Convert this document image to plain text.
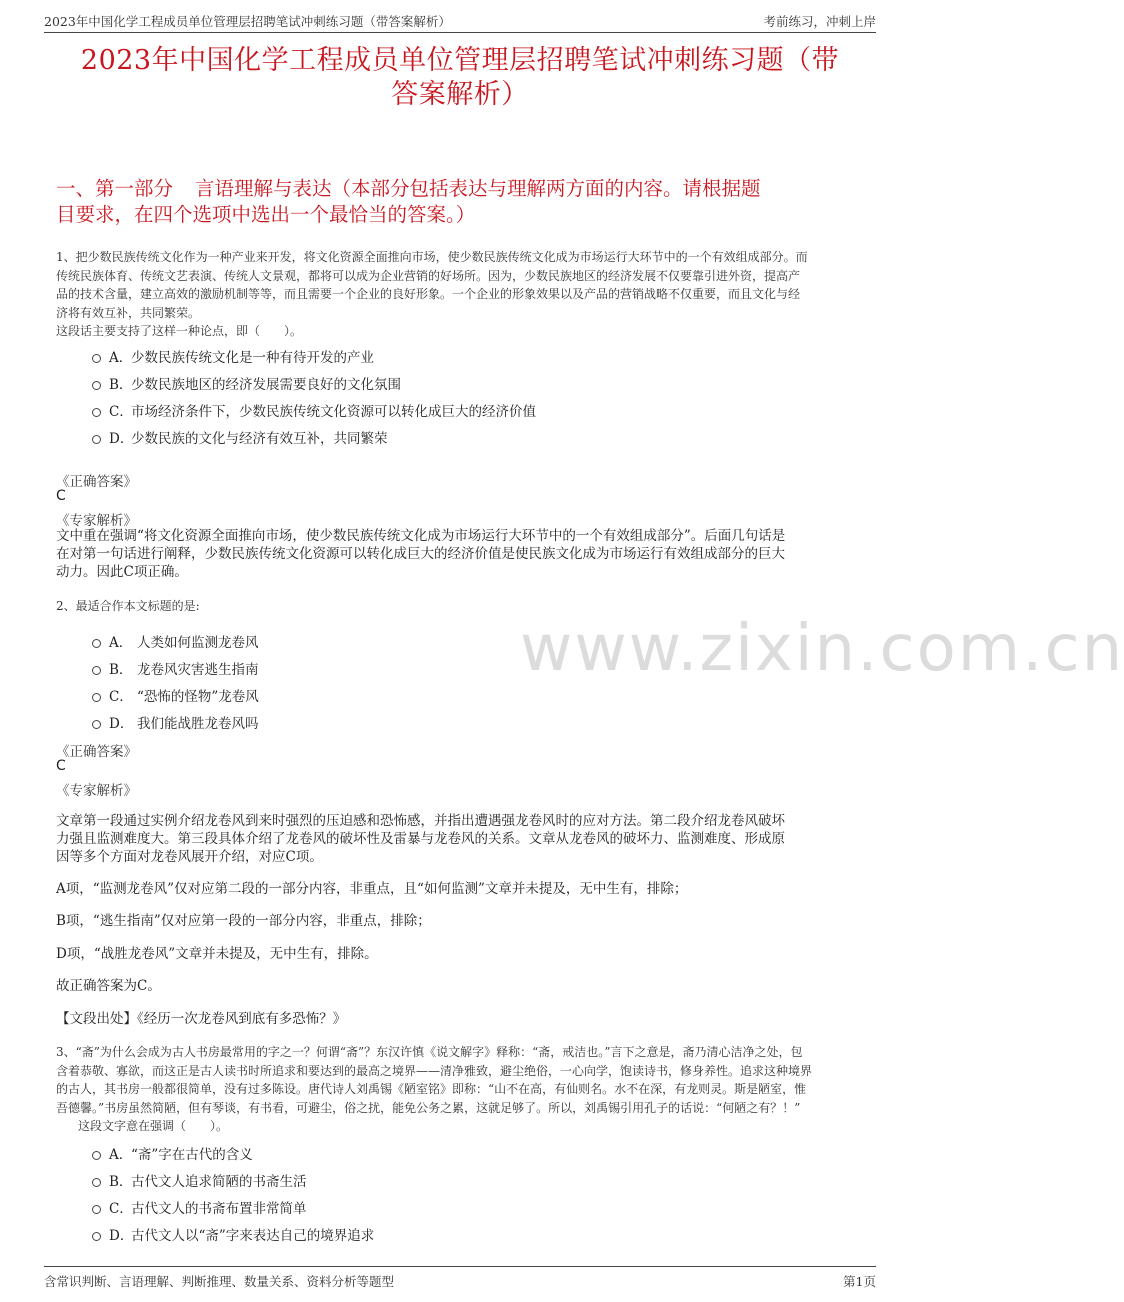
2023年中国化学工程成员单位管理层招聘笔试冲刺练习题（带答案解析）	考前练习，冲刺上岸
2023年中国化学工程成员单位管理层招聘笔试冲刺练习题（带
答案解析）
一、第一部分 言语理解与表达（本部分包括表达与理解两方面的内容。请根据题
目要求，在四个选项中选出一个最恰当的答案。）
www.zixin.com.cn
1、把少数民族传统文化作为一种产业来开发，将文化资源全面推向市场，使少数民族传统文化成为市场运行大环节中的一个有效组成部分。而
传统民族体育、传统文艺表演、传统人文景观，都将可以成为企业营销的好场所。因为，少数民族地区的经济发展不仅要靠引进外资，提高产
品的技术含量，建立高效的激励机制等等，而且需要一个企业的良好形象。一个企业的形象效果以及产品的营销战略不仅重要，而且文化与经
济将有效互补，共同繁荣。
这段话主要支持了这样一种论点，即（　　）。
A．
少数民族传统文化是一种有待开发的产业
B．
少数民族地区的经济发展需要良好的文化氛围
C．
市场经济条件下，少数民族传统文化资源可以转化成巨大的经济价值
D．
少数民族的文化与经济有效互补，共同繁荣
《正确答案》
C
《专家解析》
文中重在强调“将文化资源全面推向市场，使少数民族传统文化成为市场运行大环节中的一个有效组成部分”。后面几句话是
在对第一句话进行阐释，少数民族传统文化资源可以转化成巨大的经济价值是使民族文化成为市场运行有效组成部分的巨大
动力。因此C项正确。
2、最适合作本文标题的是:
A． 人类如何监测龙卷风
B． 龙卷风灾害逃生指南
C． “恐怖的怪物”龙卷风
D． 我们能战胜龙卷风吗
《正确答案》
C
《专家解析》
文章第一段通过实例介绍龙卷风到来时强烈的压迫感和恐怖感，并指出遭遇强龙卷风时的应对方法。第二段介绍龙卷风破坏
力强且监测难度大。第三段具体介绍了龙卷风的破坏性及雷暴与龙卷风的关系。文章从龙卷风的破坏力、监测难度、形成原
因等多个方面对龙卷风展开介绍，对应C项。
A项，“监测龙卷风”仅对应第二段的一部分内容，非重点，且“如何监测”文章并未提及，无中生有，排除；
B项，“逃生指南”仅对应第一段的一部分内容，非重点，排除；
D项，“战胜龙卷风”文章并未提及，无中生有，排除。
故正确答案为C。
【文段出处】《经历一次龙卷风到底有多恐怖？》
3、“斋”为什么会成为古人书房最常用的字之一？何谓“斋”？东汉许慎《说文解字》释称：“斋，戒洁也。”言下之意是，斋乃清心洁净之处，包
含着恭敬、寡欲，而这正是古人读书时所追求和要达到的最高之境界——清净雅致，避尘绝俗，一心向学，饱读诗书，修身养性。追求这种境界
的古人，其书房一般都很简单，没有过多陈设。唐代诗人刘禹锡《陋室铭》即称：“山不在高，有仙则名。水不在深，有龙则灵。斯是陋室，惟
吾德馨。”书房虽然简陋，但有琴谈，有书看，可避尘，俗之扰，能免公务之累，这就足够了。所以，刘禹锡引用孔子的话说：“何陋之有？！”
这段文字意在强调（　　）。
A．
“斋”字在古代的含义
B．
古代文人追求简陋的书斋生活
C．
古代文人的书斋布置非常简单
D．
古代文人以“斋”字来表达自己的境界追求
含常识判断、言语理解、判断推理、数量关系、资料分析等题型	第1页
